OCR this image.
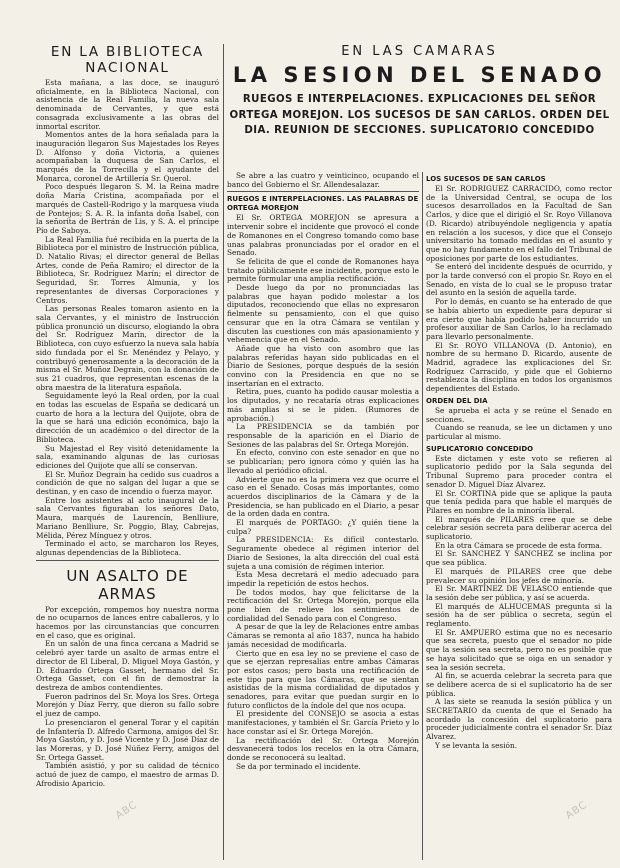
ABC	ABC
EN LA BIBLIOTECA NACIONAL

Esta mañana, a las doce, se inauguró oficialmente, en la Biblioteca Nacional, con asistencia de la Real Familia, la nueva sala denominada de Cervantes, y que está consagrada exclusivamente a las obras del inmortal escritor.

Momentos antes de la hora señalada para la inauguración llegaron Sus Majestades los Reyes D. Alfonso y doña Victoria, a quienes acompañaban la duquesa de San Carlos, el marqués de la Torrecilla y el ayudante del Monarca, coronel de Artillería Sr. Querol.

Poco después llegaron S. M. la Reina madre doña María Cristina, acompañada por el marqués de Castell-Rodrigo y la marquesa viuda de Pontejos; S. A. R. la infanta doña Isabel, con la señorita de Bertrán de Lis, y S. A. el príncipe Pío de Saboya.

La Real Familia fué recibida en la puerta de la Biblioteca por el ministro de Instrucción pública, D. Natalio Rivas; el director general de Bellas Artes, conde de Peña Ramiro; el director de la Biblioteca, Sr. Rodríguez Marín; el director de Seguridad, Sr. Torres Almunia, y los representantes de diversas Corporaciones y Centros.

Las personas Reales tomaron asiento en la sala Cervantes, y el ministro de Instrucción pública pronunció un discurso, elogiando la obra del Sr. Rodríguez Marín, director de la Biblioteca, con cuyo esfuerzo la nueva sala había sido fundada por el Sr. Menéndez y Pelayo, y contribuyó generosamente a la decoración de la misma el Sr. Muñoz Degrain, con la donación de sus 21 cuadros, que representan escenas de la obra maestra de la literatura española.

Seguidamente leyó la Real orden, por la cual en todas las escuelas de España se dedicará un cuarto de hora a la lectura del Quijote, obra de la que se hará una edición económica, bajo la dirección de un académico o del director de la Biblioteca.

Su Majestad el Rey visitó detenidamente la sala, examinando algunas de las curiosas ediciones del Quijote que allí se conservan.

El Sr. Muñoz Degrain ha cedido sus cuadros a condición de que no salgan del lugar a que se destinan, y en caso de incendio o fuerza mayor.

Entre los asistentes al acto inaugural de la sala Cervantes figuraban los señores Dato, Maura, marqués de Laurencín, Benlliure, Mariano Benlliure, Sr. Poggio, Blay, Cabrejas, Mélida, Pérez Mínguez y otros.

Terminado el acto, se marcharon los Reyes, algunas dependencias de la Biblioteca.

UN ASALTO DE ARMAS

Por excepción, rompemos hoy nuestra norma de no ocuparnos de lances entre caballeros, y lo hacemos por las circunstancias que concurren en el caso, que es original.

En un salón de una finca cercana a Madrid se celebró ayer tarde un asalto de armas entre el director de El Liberal, D. Miguel Moya Gastón, y D. Eduardo Ortega Gasset, hermano del Sr. Ortega Gasset, con el fin de demostrar la destreza de ambos contendientes.

Fueron padrinos del Sr. Moya los Sres. Ortega Morejón y Díaz Ferry, que dieron su fallo sobre el juez de campo.

Lo presenciaron el general Torar y el capitán de Infantería D. Alfredo Carmona, amigos del Sr. Moya Gastón, y D. José Vicente y D. José Díaz de las Moreras, y D. José Núñez Ferry, amigos del Sr. Ortega Gasset.

También asistió, y por su calidad de técnico actuó de juez de campo, el maestro de armas D. Afrodisio Aparicio.

EN LAS CAMARAS
LA SESION DEL SENADO
RUEGOS E INTERPELACIONES. EXPLICACIONES DEL SEÑOR ORTEGA MOREJON. LOS SUCESOS DE SAN CARLOS. ORDEN DEL DIA. REUNION DE SECCIONES. SUPLICATORIO CONCEDIDO

Se abre a las cuatro y veinticinco, ocupando el banco del Gobierno el Sr. Allendesalazar.

RUEGOS E INTERPELACIONES. LAS PALABRAS DE ORTEGA MOREJON

El Sr. ORTEGA MOREJON se apresura a intervenir sobre el incidente que provocó el conde de Romanones en el Congreso tomando como base unas palabras pronunciadas por el orador en el Senado.

Se felicita de que el conde de Romanones haya tratado públicamente ese incidente, porque esto le permite formular una amplia rectificación.

Desde luego da por no pronunciadas las palabras que hayan podido molestar a los diputados, reconociendo que ellas no expresaron fielmente su pensamiento, con el que quiso censurar que en la otra Cámara se ventilan y discuten las cuestiones con más apasionamiento y vehemencia que en el Senado.

Añade que ha visto con asombro que las palabras referidas hayan sido publicadas en el Diario de Sesiones, porque después de la sesión convino con la Presidencia en que no se insertarían en el extracto.

Retira, pues, cuanto ha podido causar molestia a los diputados, y no recataría otras explicaciones más amplias si se le piden. (Rumores de aprobación.)

La PRESIDENCIA se da también por responsable de la aparición en el Diario de Sesiones de las palabras del Sr. Ortega Morejón.

En efecto, convino con este senador en que no se publicarían; pero ignora cómo y quién las ha llevado al periódico oficial.

Advierte que no es la primera vez que ocurre el caso en el Senado. Cosas más importantes, como acuerdos disciplinarios de la Cámara y de la Presidencia, se han publicado en el Diario, a pesar de la orden dada en contra.

El marqués de PORTAGO: ¿Y quién tiene la culpa?

La PRESIDENCIA: Es difícil contestarlo. Seguramente obedece al régimen interior del Diario de Sesiones, la alta dirección del cual está sujeta a una comisión de régimen interior.

Esta Mesa decretará el medio adecuado para impedir la repetición de estos hechos.

De todos modos, hay que felicitarse de la rectificación del Sr. Ortega Morejón, porque ella pone bien de relieve los sentimientos de cordialidad del Senado para con el Congreso.

A pesar de que la ley de Relaciones entre ambas Cámaras se remonta al año 1837, nunca ha habido jamás necesidad de modificarla.

Cierto que en esa ley no se previene el caso de que se ejerzan represalias entre ambas Cámaras por estos casos; pero basta una rectificación de este tipo para que las Cámaras, que se sientan asistidas de la misma cordialidad de diputados y senadores, para evitar que puedan surgir en lo futuro conflictos de la índole del que nos ocupa.

El presidente del CONSEJO se asocia a estas manifestaciones, y también el Sr. García Prieto y lo hace constar así el Sr. Ortega Morejón.

La rectificación del Sr. Ortega Morejón desvanecerá todos los recelos en la otra Cámara, donde se reconocerá su lealtad.

Se da por terminado el incidente.

LOS SUCESOS DE SAN CARLOS

El Sr. RODRIGUEZ CARRACIDO, como rector de la Universidad Central, se ocupa de los sucesos desarrollados en la Facultad de San Carlos, y dice que el dirigió el Sr. Royo Villanova (D. Ricardo) atribuyéndole negligencia y apatía en relación a los sucesos, y dice que el Consejo universitario ha tomado medidas en el asunto y que no hay fundamento en el fallo del Tribunal de oposiciones por parte de los estudiantes.

Se enteró del incidente después de ocurrido, y por la tarde conversó con el propio Sr. Royo en el Senado, en vista de lo cual se le propuso tratar del asunto en la sesión de aquella tarde.

Por lo demás, en cuanto se ha enterado de que se había abierto un expediente para depurar si era cierto que había podido haber incurrido un profesor auxiliar de San Carlos, lo ha reclamado para llevarlo personalmente.

El Sr. ROYO VILLANOVA (D. Antonio), en nombre de su hermano D. Ricardo, ausente de Madrid, agradece las explicaciones del Sr. Rodríguez Carracido, y pide que el Gobierno restablezca la disciplina en todos los organismos dependientes del Estado.

ORDEN DEL DIA

Se aprueba el acta y se reúne el Senado en secciones.

Cuando se reanuda, se lee un dictamen y uno particular al mismo.

SUPLICATORIO CONCEDIDO

Este dictamen y este voto se refieren al suplicatorio pedido por la Sala segunda del Tribunal Supremo para proceder contra el senador D. Miguel Díaz Alvarez.

El Sr. CORTINA pide que se aplique la pauta que tenía pedida para que hable el marqués de Pilares en nombre de la minoría liberal.

El marqués de PILARES cree que se debe celebrar sesión secreta para deliberar acerca del suplicatorio.

En la otra Cámara se procede de esta forma.

El Sr. SANCHEZ Y SANCHEZ se inclina por que sea pública.

El marqués de PILARES cree que debe prevalecer su opinión los jefes de minoría.

El Sr. MARTINEZ DE VELASCO entiende que la sesión debe ser pública, y así se acuerda.

El marqués de ALHUCEMAS pregunta si la sesión ha de ser pública o secreta, según el reglamento.

El Sr. AMPUERO estima que no es necesario que sea secreta, puesto que el senador no pide que la sesión sea secreta, pero no es posible que se haya solicitado que se oiga en un senador y sea la sesión secreta.

Al fin, se acuerda celebrar la secreta para que se delibere acerca de si el suplicatorio ha de ser pública.

A las siete se reanuda la sesión pública y un SECRETARIO da cuenta de que el Senado ha acordado la concesión del suplicatorio para proceder judicialmente contra el senador Sr. Díaz Alvarez.

Y se levanta la sesión.
